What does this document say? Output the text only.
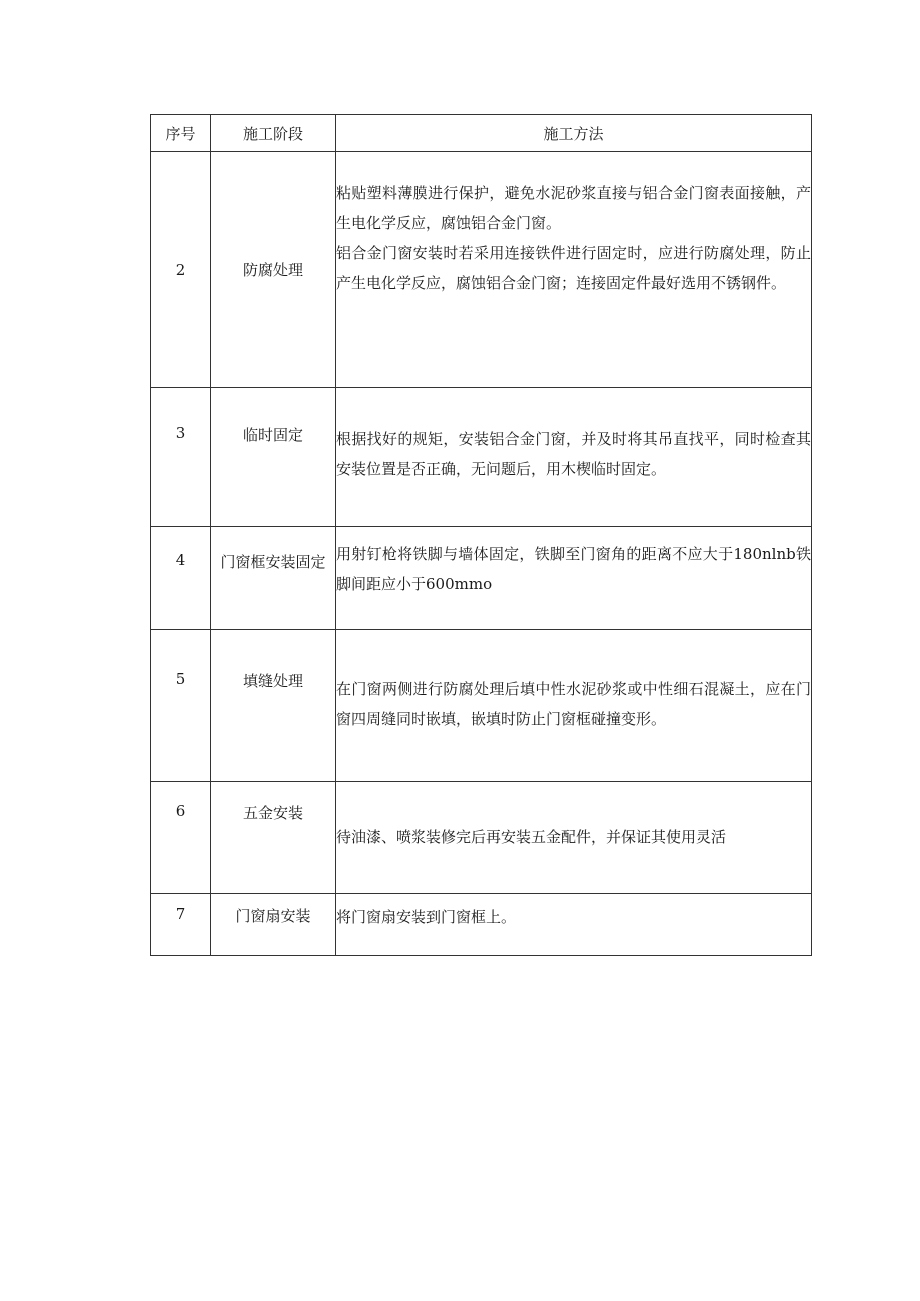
序号	施工阶段	施工方法
2	防腐处理	粘贴塑料薄膜进行保护，避免水泥砂浆直接与铝合金门窗表面接触，产生电化学反应，腐蚀铝合金门窗。

铝合金门窗安装时若采用连接铁件进行固定时，应进行防腐处理，防止产生电化学反应，腐蚀铝合金门窗；连接固定件最好选用不锈钢件。

3	临时固定	根据找好的规矩，安装铝合金门窗，并及时将其吊直找平，同时检查其安装位置是否正确，无问题后，用木楔临时固定。

4	门窗框安装固定	用射钉枪将铁脚与墙体固定，铁脚至门窗角的距离不应大于180nlnb铁脚间距应小于600mmo

5	填缝处理	在门窗两侧进行防腐处理后填中性水泥砂浆或中性细石混凝土，应在门窗四周缝同时嵌填，嵌填时防止门窗框碰撞变形。

6	五金安装	待油漆、喷浆装修完后再安装五金配件，并保证其使用灵活

7	门窗扇安装	将门窗扇安装到门窗框上。
